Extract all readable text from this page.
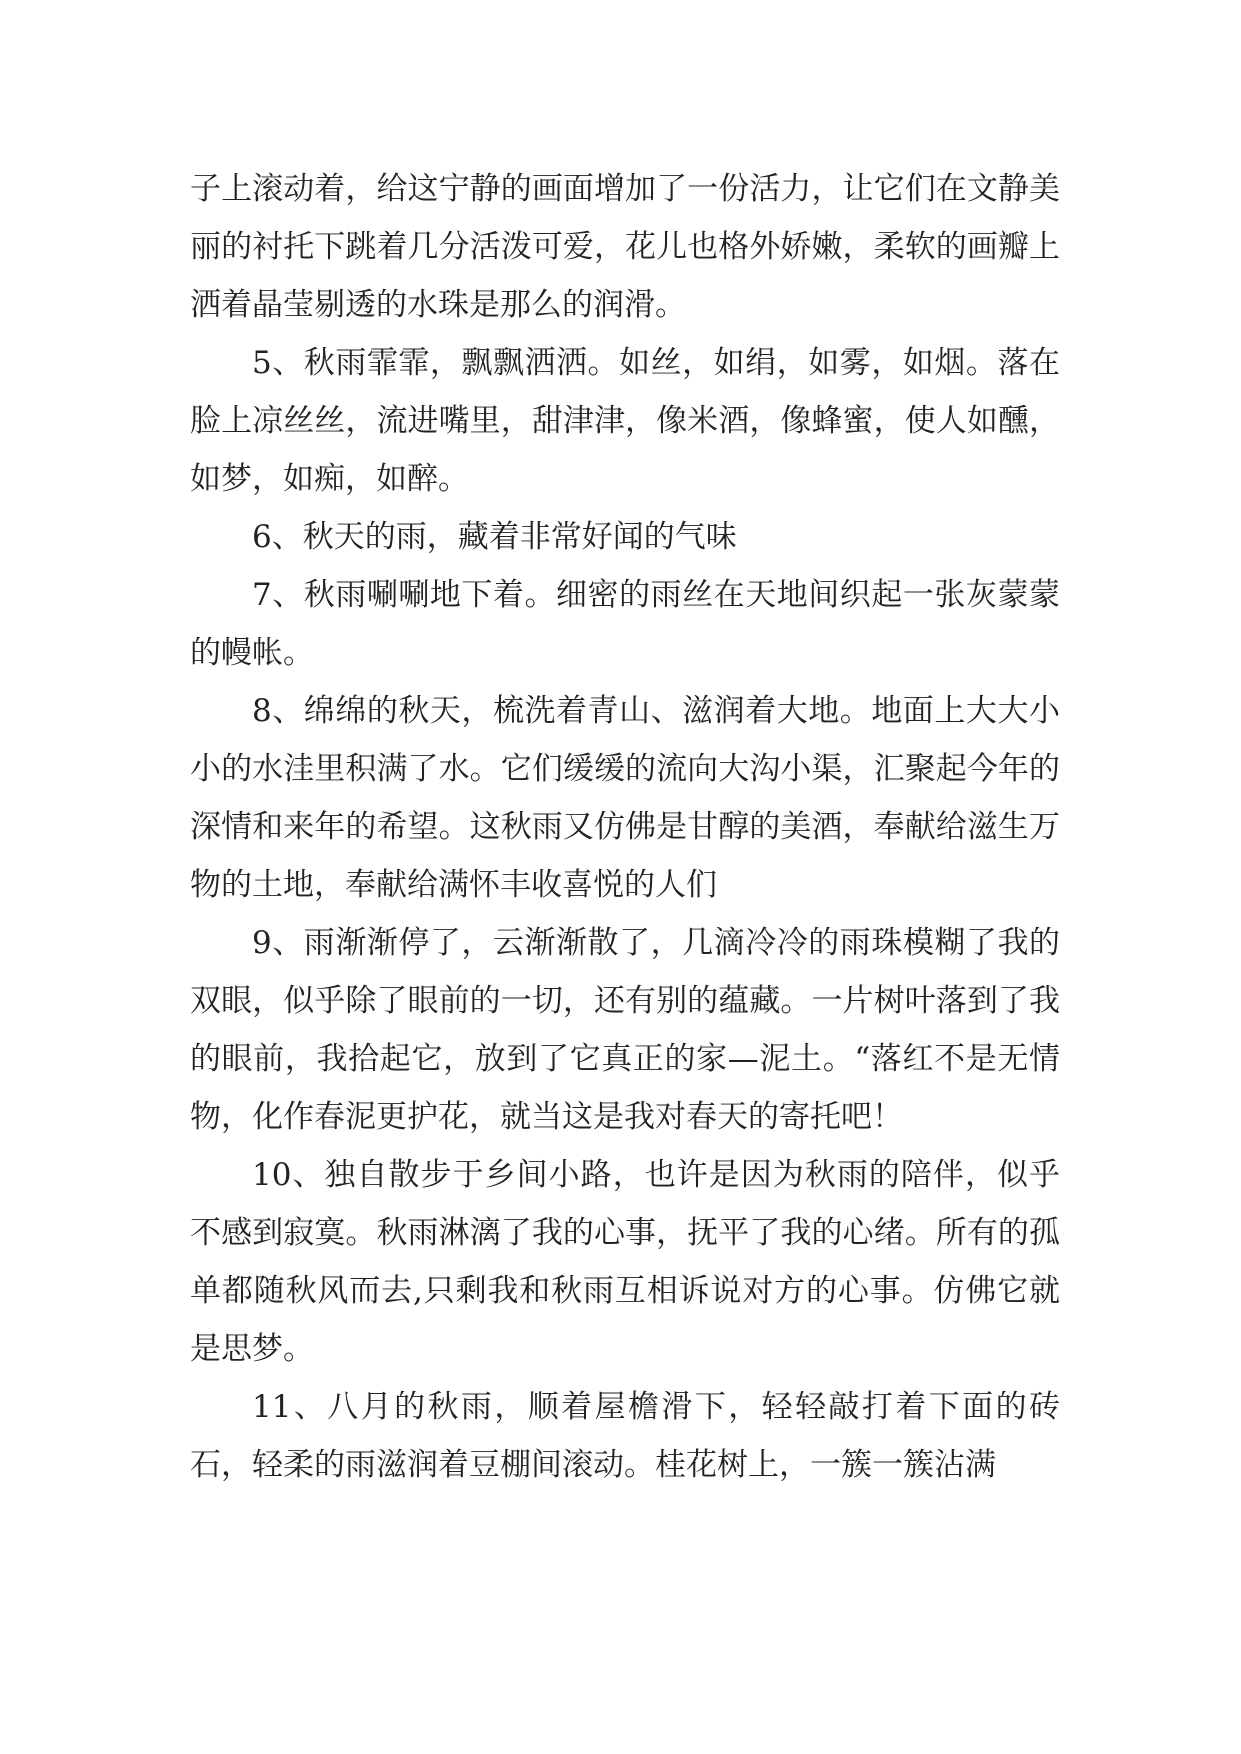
子上滚动着，给这宁静的画面增加了一份活力，让它们在文静美丽的衬托下跳着几分活泼可爱，花儿也格外娇嫩，柔软的画瓣上洒着晶莹剔透的水珠是那么的润滑。

5、秋雨霏霏，飘飘洒洒。如丝，如绢，如雾，如烟。落在脸上凉丝丝，流进嘴里，甜津津，像米酒，像蜂蜜，使人如醺，如梦，如痴，如醉。

6、秋天的雨，藏着非常好闻的气味

7、秋雨唰唰地下着。细密的雨丝在天地间织起一张灰蒙蒙的幔帐。

8、绵绵的秋天，梳洗着青山、滋润着大地。地面上大大小小的水洼里积满了水。它们缓缓的流向大沟小渠，汇聚起今年的深情和来年的希望。这秋雨又仿佛是甘醇的美酒，奉献给滋生万物的土地，奉献给满怀丰收喜悦的人们

9、雨渐渐停了，云渐渐散了，几滴冷冷的雨珠模糊了我的双眼，似乎除了眼前的一切，还有别的蕴藏。一片树叶落到了我的眼前，我拾起它，放到了它真正的家—泥土。“落红不是无情物，化作春泥更护花，就当这是我对春天的寄托吧！

10、独自散步于乡间小路，也许是因为秋雨的陪伴，似乎不感到寂寞。秋雨淋漓了我的心事，抚平了我的心绪。所有的孤单都随秋风而去,只剩我和秋雨互相诉说对方的心事。仿佛它就是思梦。

11、八月的秋雨，顺着屋檐滑下，轻轻敲打着下面的砖石，轻柔的雨滋润着豆棚间滚动。桂花树上，一簇一簇沾满
